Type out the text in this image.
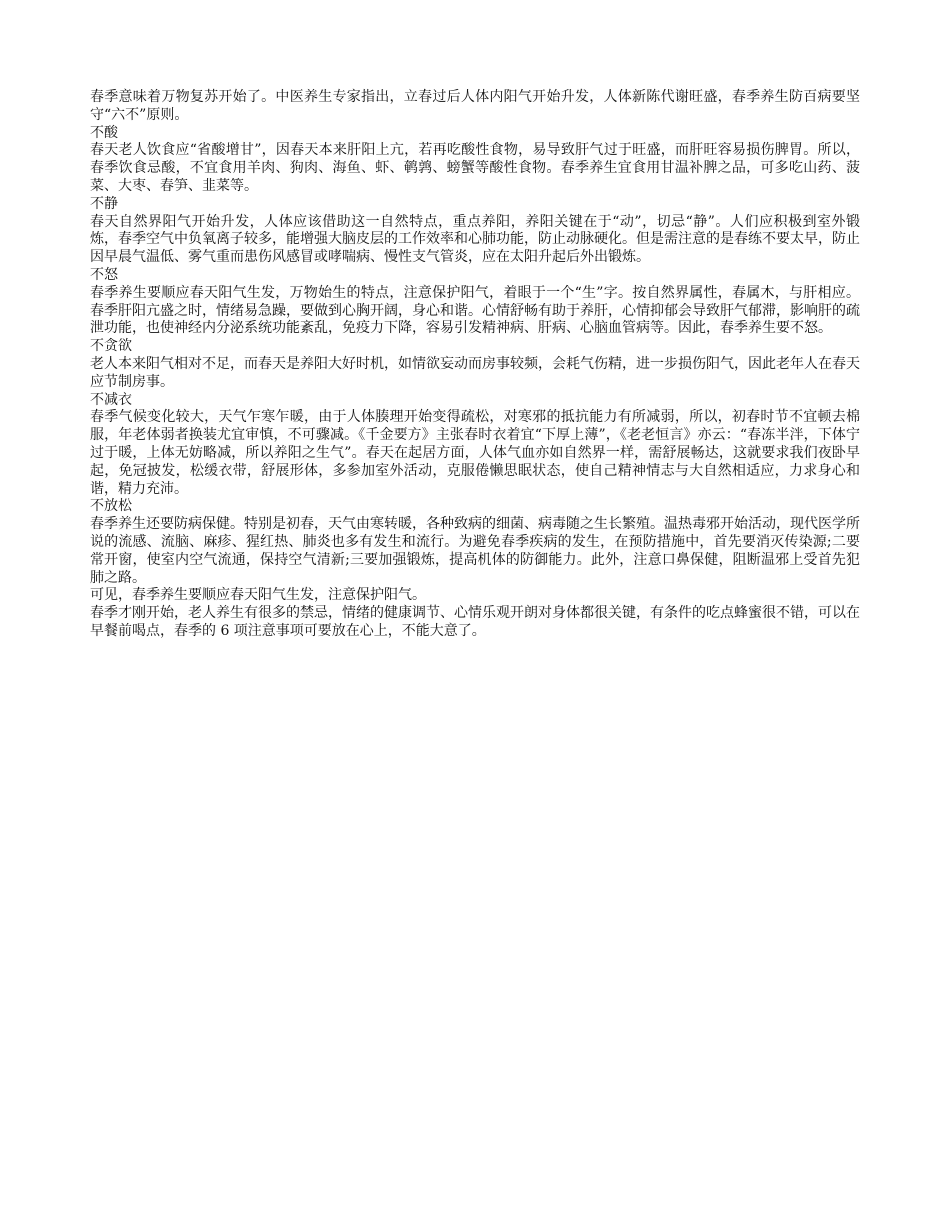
春季意味着万物复苏开始了。中医养生专家指出，立春过后人体内阳气开始升发，人体新陈代谢旺盛，春季养生防百病要坚守“六不”原则。

不酸

春天老人饮食应“省酸增甘”，因春天本来肝阳上亢，若再吃酸性食物，易导致肝气过于旺盛，而肝旺容易损伤脾胃。所以，春季饮食忌酸，不宜食用羊肉、狗肉、海鱼、虾、鹌鹑、螃蟹等酸性食物。春季养生宜食用甘温补脾之品，可多吃山药、菠菜、大枣、春笋、韭菜等。

不静

春天自然界阳气开始升发，人体应该借助这一自然特点，重点养阳，养阳关键在于“动”，切忌“静”。人们应积极到室外锻炼，春季空气中负氧离子较多，能增强大脑皮层的工作效率和心肺功能，防止动脉硬化。但是需注意的是春练不要太早，防止因早晨气温低、雾气重而患伤风感冒或哮喘病、慢性支气管炎，应在太阳升起后外出锻炼。

不怒

春季养生要顺应春天阳气生发，万物始生的特点，注意保护阳气，着眼于一个“生”字。按自然界属性，春属木，与肝相应。春季肝阳亢盛之时，情绪易急躁，要做到心胸开阔，身心和谐。心情舒畅有助于养肝，心情抑郁会导致肝气郁滞，影响肝的疏泄功能，也使神经内分泌系统功能紊乱，免疫力下降，容易引发精神病、肝病、心脑血管病等。因此，春季养生要不怒。

不贪欲

老人本来阳气相对不足，而春天是养阳大好时机，如情欲妄动而房事较频，会耗气伤精，进一步损伤阳气，因此老年人在春天应节制房事。

不减衣

春季气候变化较大，天气乍寒乍暖，由于人体腠理开始变得疏松，对寒邪的抵抗能力有所减弱，所以，初春时节不宜顿去棉服，年老体弱者换装尤宜审慎，不可骤减。《千金要方》主张春时衣着宜“下厚上薄”，《老老恒言》亦云：“春冻半泮，下体宁过于暖，上体无妨略减，所以养阳之生气”。春天在起居方面，人体气血亦如自然界一样，需舒展畅达，这就要求我们夜卧早起，免冠披发，松缓衣带，舒展形体，多参加室外活动，克服倦懒思眠状态，使自己精神情志与大自然相适应，力求身心和谐，精力充沛。

不放松

春季养生还要防病保健。特别是初春，天气由寒转暖，各种致病的细菌、病毒随之生长繁殖。温热毒邪开始活动，现代医学所说的流感、流脑、麻疹、猩红热、肺炎也多有发生和流行。为避免春季疾病的发生，在预防措施中，首先要消灭传染源;二要常开窗，使室内空气流通，保持空气清新;三要加强锻炼，提高机体的防御能力。此外，注意口鼻保健，阻断温邪上受首先犯肺之路。

可见，春季养生要顺应春天阳气生发，注意保护阳气。

春季才刚开始，老人养生有很多的禁忌，情绪的健康调节、心情乐观开朗对身体都很关键，有条件的吃点蜂蜜很不错，可以在早餐前喝点，春季的 6 项注意事项可要放在心上，不能大意了。
